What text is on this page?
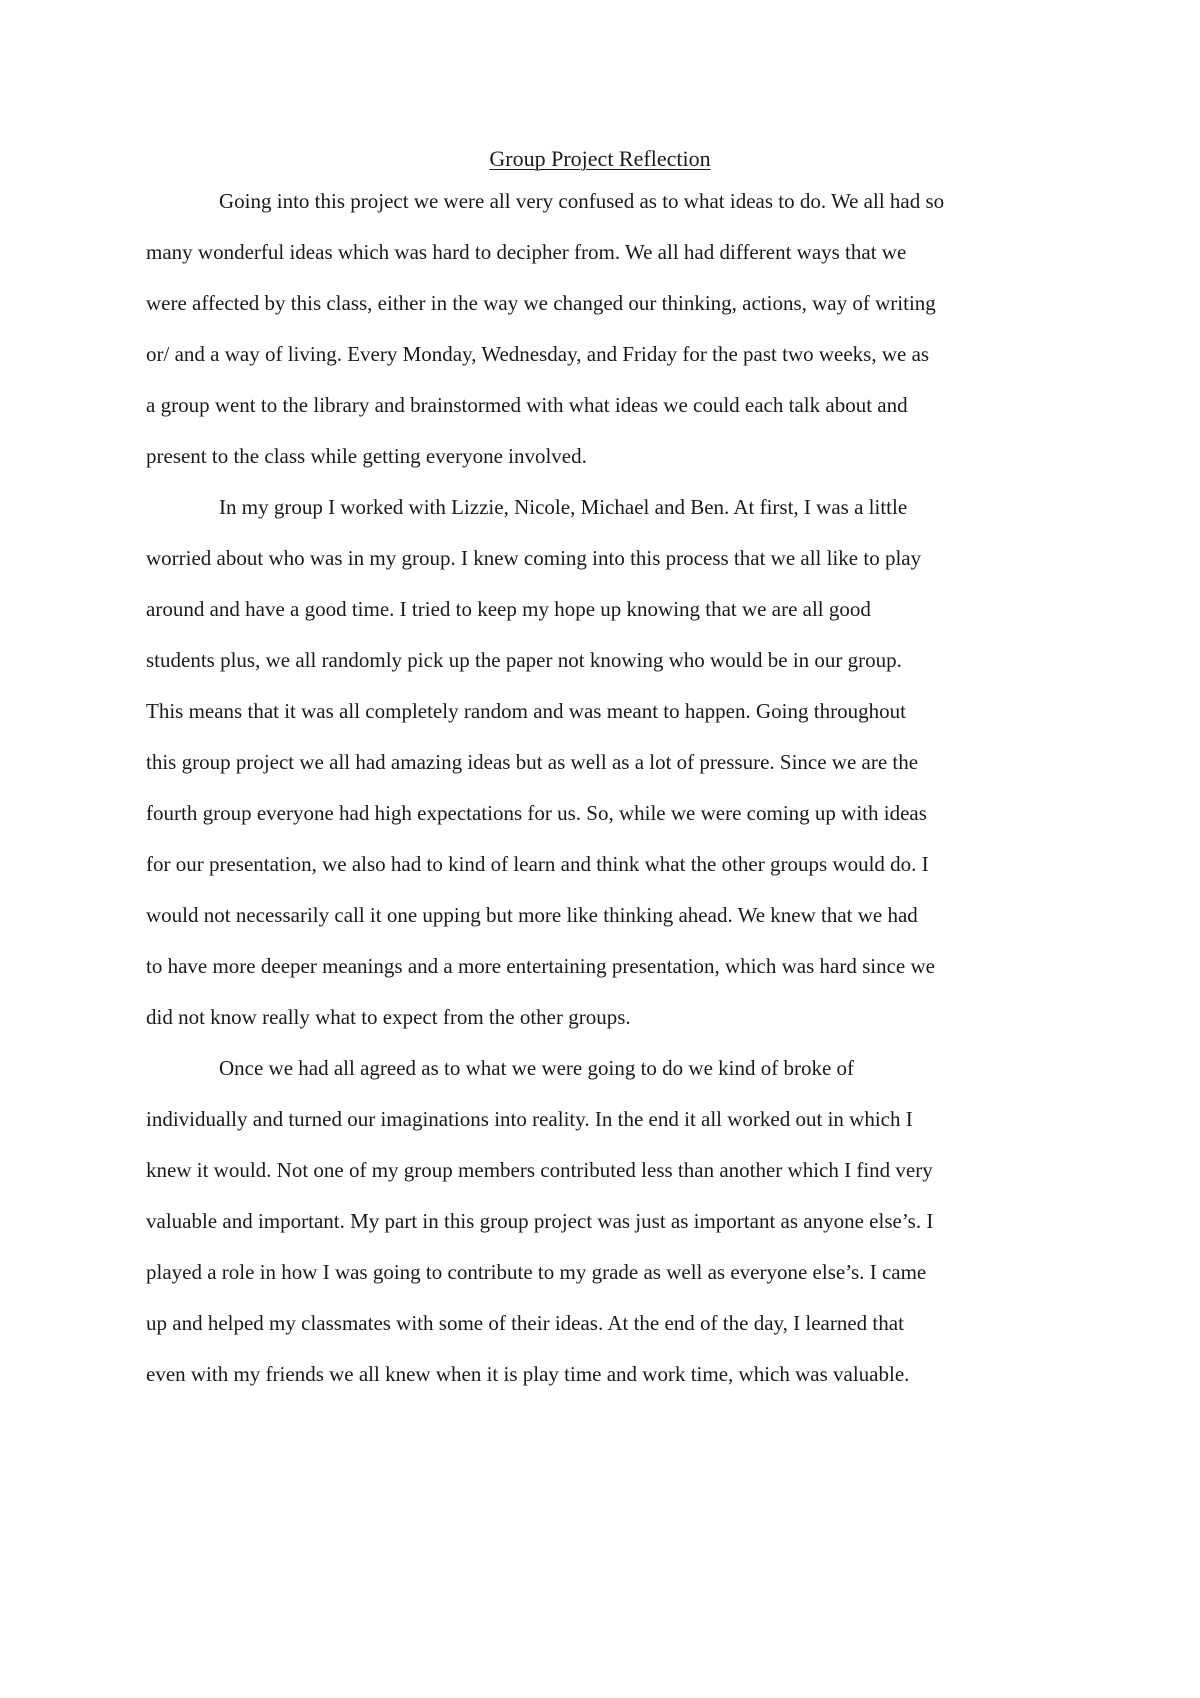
Group Project Reflection
Going into this project we were all very confused as to what ideas to do. We all had so
many wonderful ideas which was hard to decipher from. We all had different ways that we
were affected by this class, either in the way we changed our thinking, actions, way of writing
or/ and a way of living. Every Monday, Wednesday, and Friday for the past two weeks, we as
a group went to the library and brainstormed with what ideas we could each talk about and
present to the class while getting everyone involved.
In my group I worked with Lizzie, Nicole, Michael and Ben. At first, I was a little
worried about who was in my group. I knew coming into this process that we all like to play
around and have a good time. I tried to keep my hope up knowing that we are all good
students plus, we all randomly pick up the paper not knowing who would be in our group.
This means that it was all completely random and was meant to happen. Going throughout
this group project we all had amazing ideas but as well as a lot of pressure. Since we are the
fourth group everyone had high expectations for us. So, while we were coming up with ideas
for our presentation, we also had to kind of learn and think what the other groups would do. I
would not necessarily call it one upping but more like thinking ahead. We knew that we had
to have more deeper meanings and a more entertaining presentation, which was hard since we
did not know really what to expect from the other groups.
Once we had all agreed as to what we were going to do we kind of broke of
individually and turned our imaginations into reality. In the end it all worked out in which I
knew it would. Not one of my group members contributed less than another which I find very
valuable and important. My part in this group project was just as important as anyone else’s. I
played a role in how I was going to contribute to my grade as well as everyone else’s. I came
up and helped my classmates with some of their ideas. At the end of the day, I learned that
even with my friends we all knew when it is play time and work time, which was valuable.
